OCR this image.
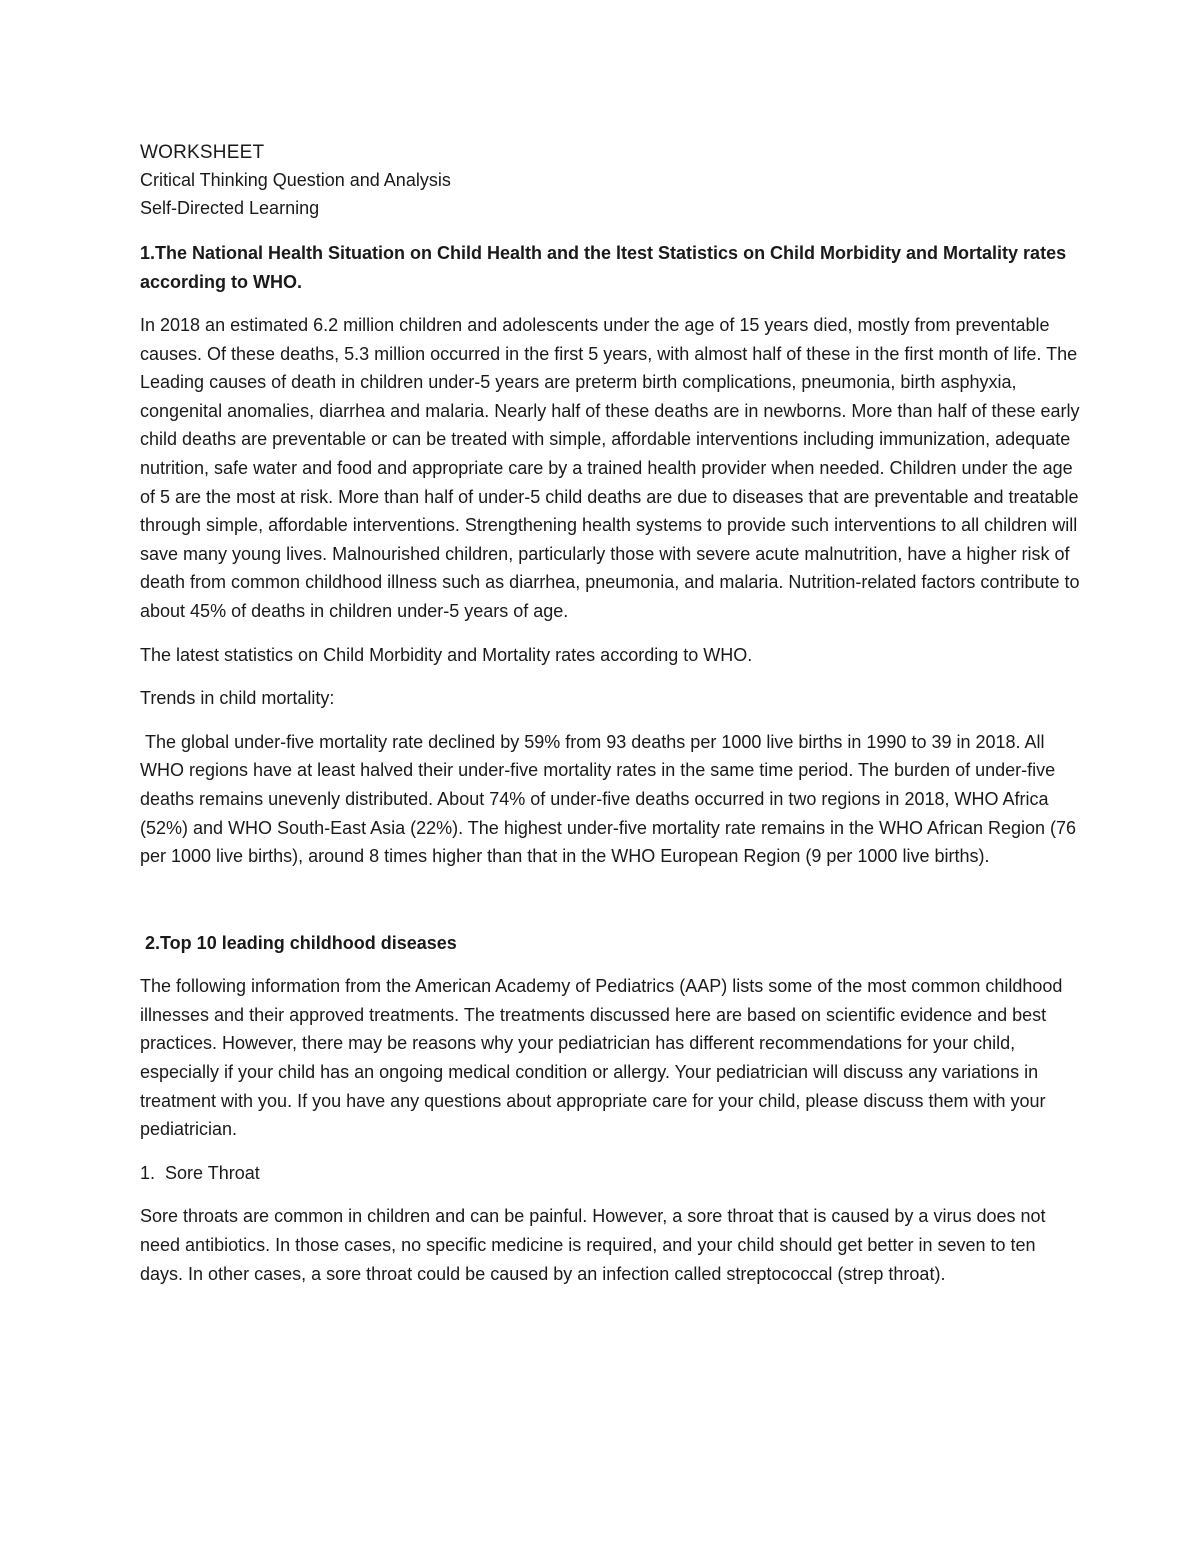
WORKSHEET

Critical Thinking Question and Analysis

Self-Directed Learning

1.The National Health Situation on Child Health and the ltest Statistics on Child Morbidity and Mortality rates according to WHO.

In 2018 an estimated 6.2 million children and adolescents under the age of 15 years died, mostly from preventable causes. Of these deaths, 5.3 million occurred in the first 5 years, with almost half of these in the first month of life. The Leading causes of death in children under-5 years are preterm birth complications, pneumonia, birth asphyxia, congenital anomalies, diarrhea and malaria. Nearly half of these deaths are in newborns. More than half of these early child deaths are preventable or can be treated with simple, affordable interventions including immunization, adequate nutrition, safe water and food and appropriate care by a trained health provider when needed. Children under the age of 5 are the most at risk. More than half of under-5 child deaths are due to diseases that are preventable and treatable through simple, affordable interventions. Strengthening health systems to provide such interventions to all children will save many young lives. Malnourished children, particularly those with severe acute malnutrition, have a higher risk of death from common childhood illness such as diarrhea, pneumonia, and malaria. Nutrition-related factors contribute to about 45% of deaths in children under-5 years of age.

The latest statistics on Child Morbidity and Mortality rates according to WHO.

Trends in child mortality:

The global under-five mortality rate declined by 59% from 93 deaths per 1000 live births in 1990 to 39 in 2018. All WHO regions have at least halved their under-five mortality rates in the same time period. The burden of under-five deaths remains unevenly distributed. About 74% of under-five deaths occurred in two regions in 2018, WHO Africa (52%) and WHO South-East Asia (22%). The highest under-five mortality rate remains in the WHO African Region (76 per 1000 live births), around 8 times higher than that in the WHO European Region (9 per 1000 live births).

2.Top 10 leading childhood diseases

The following information from the American Academy of Pediatrics (AAP) lists some of the most common childhood illnesses and their approved treatments. The treatments discussed here are based on scientific evidence and best practices. However, there may be reasons why your pediatrician has different recommendations for your child, especially if your child has an ongoing medical condition or allergy. Your pediatrician will discuss any variations in treatment with you. If you have any questions about appropriate care for your child, please discuss them with your pediatrician.

1.  Sore Throat

Sore throats are common in children and can be painful. However, a sore throat that is caused by a virus does not need antibiotics. In those cases, no specific medicine is required, and your child should get better in seven to ten days. In other cases, a sore throat could be caused by an infection called streptococcal (strep throat).
